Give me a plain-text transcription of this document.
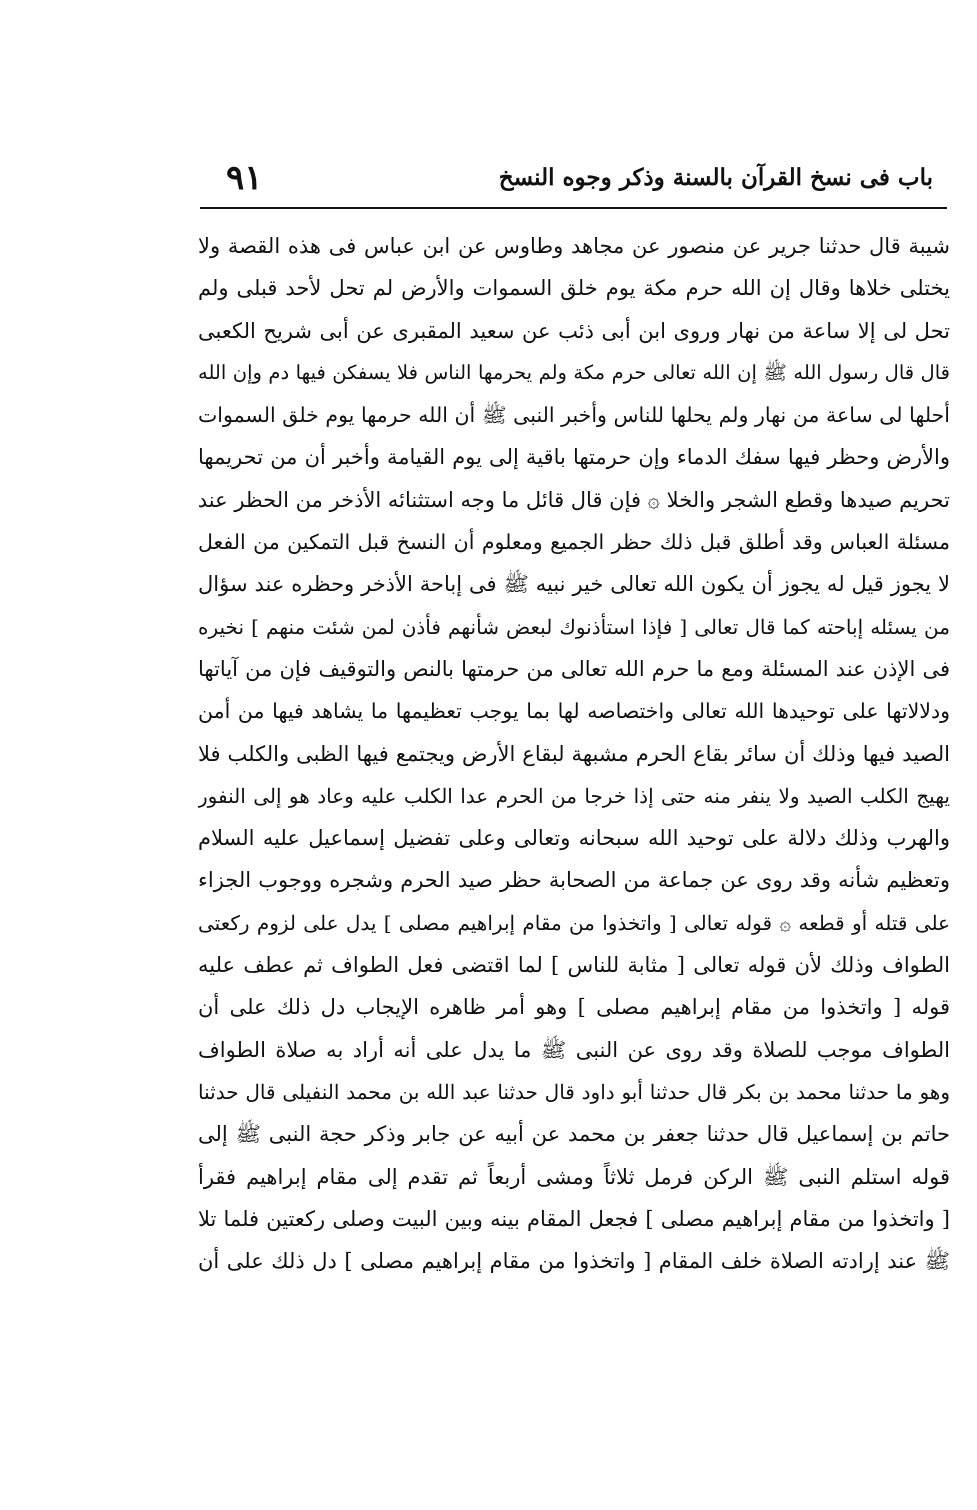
باب فى نسخ القرآن بالسنة وذكر وجوه النسخ
٩١
شيبة قال حدثنا جرير عن منصور عن مجاهد وطاوس عن ابن عباس فى هذه القصة ولا
يختلى خلاها وقال إن الله حرم مكة يوم خلق السموات والأرض لم تحل لأحد قبلى ولم
تحل لى إلا ساعة من نهار وروى ابن أبى ذئب عن سعيد المقبرى عن أبى شريح الكعبى
قال قال رسول الله ﷺ إن الله تعالى حرم مكة ولم يحرمها الناس فلا يسفكن فيها دم وإن الله
أحلها لى ساعة من نهار ولم يحلها للناس وأخبر النبى ﷺ أن الله حرمها يوم خلق السموات
والأرض وحظر فيها سفك الدماء وإن حرمتها باقية إلى يوم القيامة وأخبر أن من تحريمها
تحريم صيدها وقطع الشجر والخلا ۞ فإن قال قائل ما وجه استثنائه الأذخر من الحظر عند
مسئلة العباس وقد أطلق قبل ذلك حظر الجميع ومعلوم أن النسخ قبل التمكين من الفعل
لا يجوز قيل له يجوز أن يكون الله تعالى خير نبيه ﷺ فى إباحة الأذخر وحظره عند سؤال
من يسئله إباحته كما قال تعالى [ فإذا استأذنوك لبعض شأنهم فأذن لمن شئت منهم ] نخيره
فى الإذن عند المسئلة ومع ما حرم الله تعالى من حرمتها بالنص والتوقيف فإن من آياتها
ودلالاتها على توحيدها الله تعالى واختصاصه لها بما يوجب تعظيمها ما يشاهد فيها من أمن
الصيد فيها وذلك أن سائر بقاع الحرم مشبهة لبقاع الأرض ويجتمع فيها الظبى والكلب فلا
يهيج الكلب الصيد ولا ينفر منه حتى إذا خرجا من الحرم عدا الكلب عليه وعاد هو إلى النفور
والهرب وذلك دلالة على توحيد الله سبحانه وتعالى وعلى تفضيل إسماعيل عليه السلام
وتعظيم شأنه وقد روى عن جماعة من الصحابة حظر صيد الحرم وشجره ووجوب الجزاء
على قتله أو قطعه ۞ قوله تعالى [ واتخذوا من مقام إبراهيم مصلى ] يدل على لزوم ركعتى
الطواف وذلك لأن قوله تعالى [ مثابة للناس ] لما اقتضى فعل الطواف ثم عطف عليه
قوله [ واتخذوا من مقام إبراهيم مصلى ] وهو أمر ظاهره الإيجاب دل ذلك على أن
الطواف موجب للصلاة وقد روى عن النبى ﷺ ما يدل على أنه أراد به صلاة الطواف
وهو ما حدثنا محمد بن بكر قال حدثنا أبو داود قال حدثنا عبد الله بن محمد النفيلى قال حدثنا
حاتم بن إسماعيل قال حدثنا جعفر بن محمد عن أبيه عن جابر وذكر حجة النبى ﷺ إلى
قوله استلم النبى ﷺ الركن فرمل ثلاثاً ومشى أربعاً ثم تقدم إلى مقام إبراهيم فقرأ
[ واتخذوا من مقام إبراهيم مصلى ] فجعل المقام بينه وبين البيت وصلى ركعتين فلما تلا
ﷺ عند إرادته الصلاة خلف المقام [ واتخذوا من مقام إبراهيم مصلى ] دل ذلك على أن
